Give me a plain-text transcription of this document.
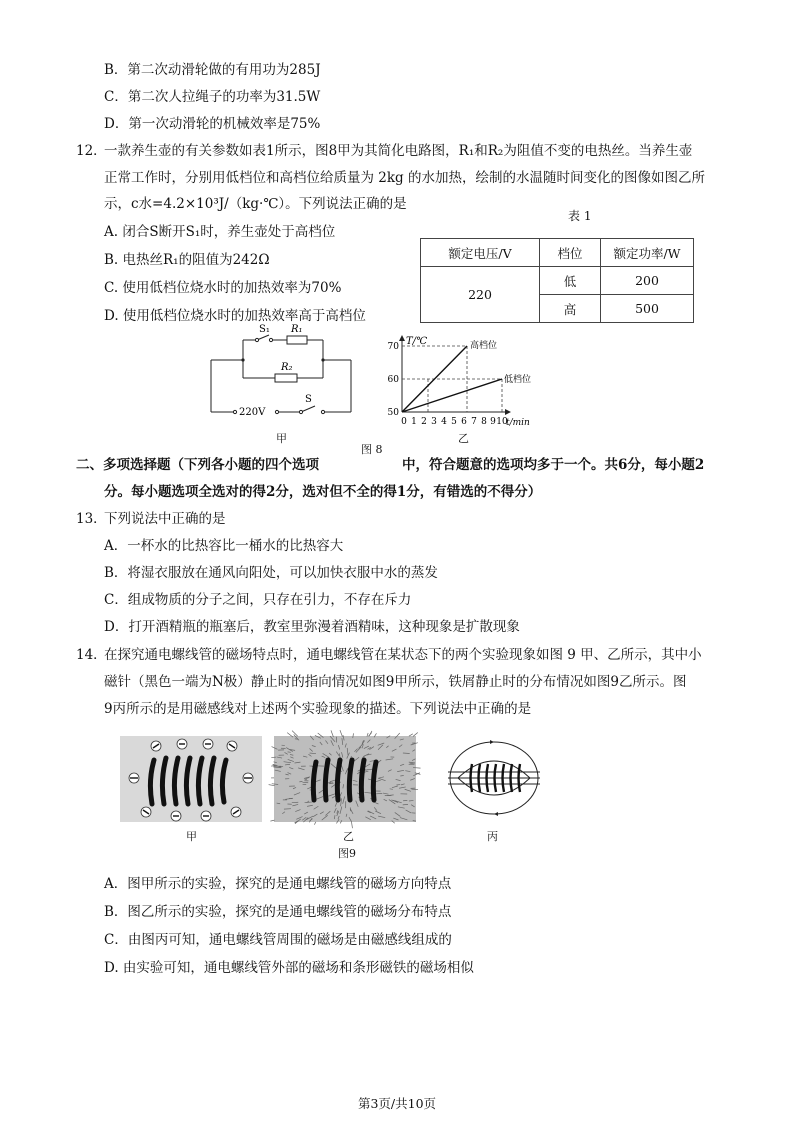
B．第二次动滑轮做的有用功为285J
C．第二次人拉绳子的功率为31.5W
D．第一次动滑轮的机械效率是75%
12．
一款养生壶的有关参数如表1所示，图8甲为其简化电路图，R₁和R₂为阻值不变的电热丝。当养生壶
正常工作时，分别用低档位和高档位给质量为 2kg 的水加热，绘制的水温随时间变化的图像如图乙所
示，c水=4.2×10³J/（kg·℃）。下列说法正确的是
表 1
A. 闭合S断开S₁时，养生壶处于高档位
B. 电热丝R₁的阻值为242Ω
C. 使用低档位烧水时的加热效率为70%
D. 使用低档位烧水时的加热效率高于高档位
额定电压/V	档位	额定功率/W
220	低	200
	高	500
S₁ R₁
R₂
S
220V
甲
T/℃	高档位
低档位
70
60
50
0 1 2 3 4 5 6 7 8 9 10
t/min
乙
图 8
二、多项选择题（下列各小题的四个选项	中，符合题意的选项均多于一个。共6分，每小题2
分。每小题选项全选对的得2分，选对但不全的得1分，有错选的不得分）
13．
下列说法中正确的是
A．一杯水的比热容比一桶水的比热容大
B．将湿衣服放在通风向阳处，可以加快衣服中水的蒸发
C．组成物质的分子之间，只存在引力，不存在斥力
D．打开酒精瓶的瓶塞后，教室里弥漫着酒精味，这种现象是扩散现象
14．
在探究通电螺线管的磁场特点时，通电螺线管在某状态下的两个实验现象如图 9 甲、乙所示，其中小
磁针（黑色一端为N极）静止时的指向情况如图9甲所示，铁屑静止时的分布情况如图9乙所示。图
9丙所示的是用磁感线对上述两个实验现象的描述。下列说法中正确的是
甲	乙	丙
图9
A．图甲所示的实验，探究的是通电螺线管的磁场方向特点
B．图乙所示的实验，探究的是通电螺线管的磁场分布特点
C．由图丙可知，通电螺线管周围的磁场是由磁感线组成的
D. 由实验可知，通电螺线管外部的磁场和条形磁铁的磁场相似
第3页/共10页
